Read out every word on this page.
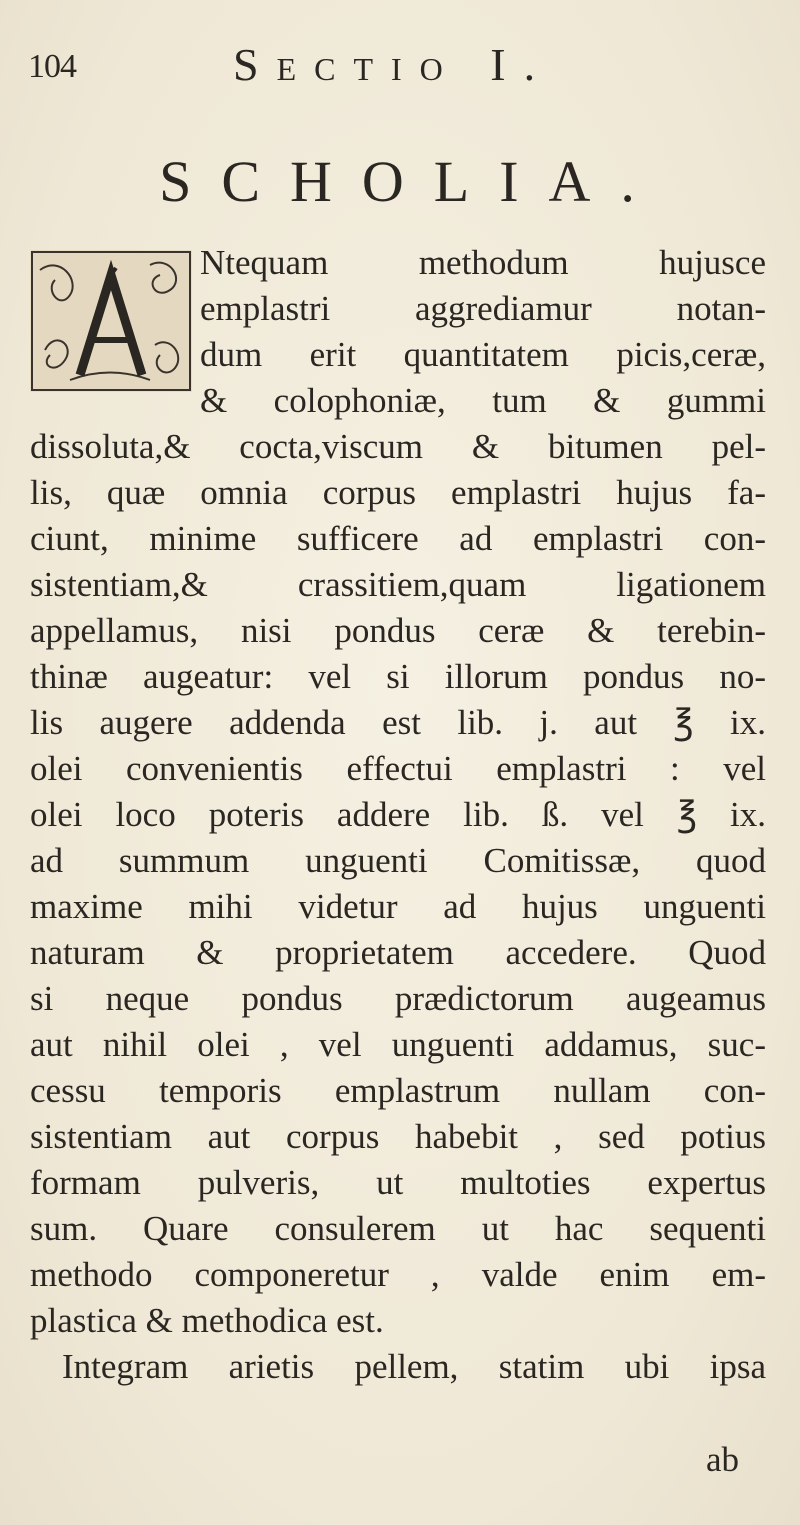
104	Sectio I.
SCHOLIA.
Ntequam methodum hujusce
emplastri aggrediamur notan-
dum erit quantitatem picis,ceræ,
& colophoniæ, tum & gummi
dissoluta,& cocta,viscum & bitumen pel-
lis, quæ omnia corpus emplastri hujus fa-
ciunt, minime sufficere ad emplastri con-
sistentiam,& crassitiem,quam ligationem
appellamus, nisi pondus ceræ & terebin-
thinæ augeatur: vel si illorum pondus no-
lis augere addenda est lib. j. aut ℥ ix.
olei convenientis effectui emplastri : vel
olei loco poteris addere lib. ß. vel ℥ ix.
ad summum unguenti Comitissæ, quod
maxime mihi videtur ad hujus unguenti
naturam & proprietatem accedere. Quod
si neque pondus prædictorum augeamus
aut nihil olei , vel unguenti addamus, suc-
cessu temporis emplastrum nullam con-
sistentiam aut corpus habebit , sed potius
formam pulveris, ut multoties expertus
sum. Quare consulerem ut hac sequenti
methodo componeretur , valde enim em-
plastica & methodica est.
Integram arietis pellem, statim ubi ipsa
ab
